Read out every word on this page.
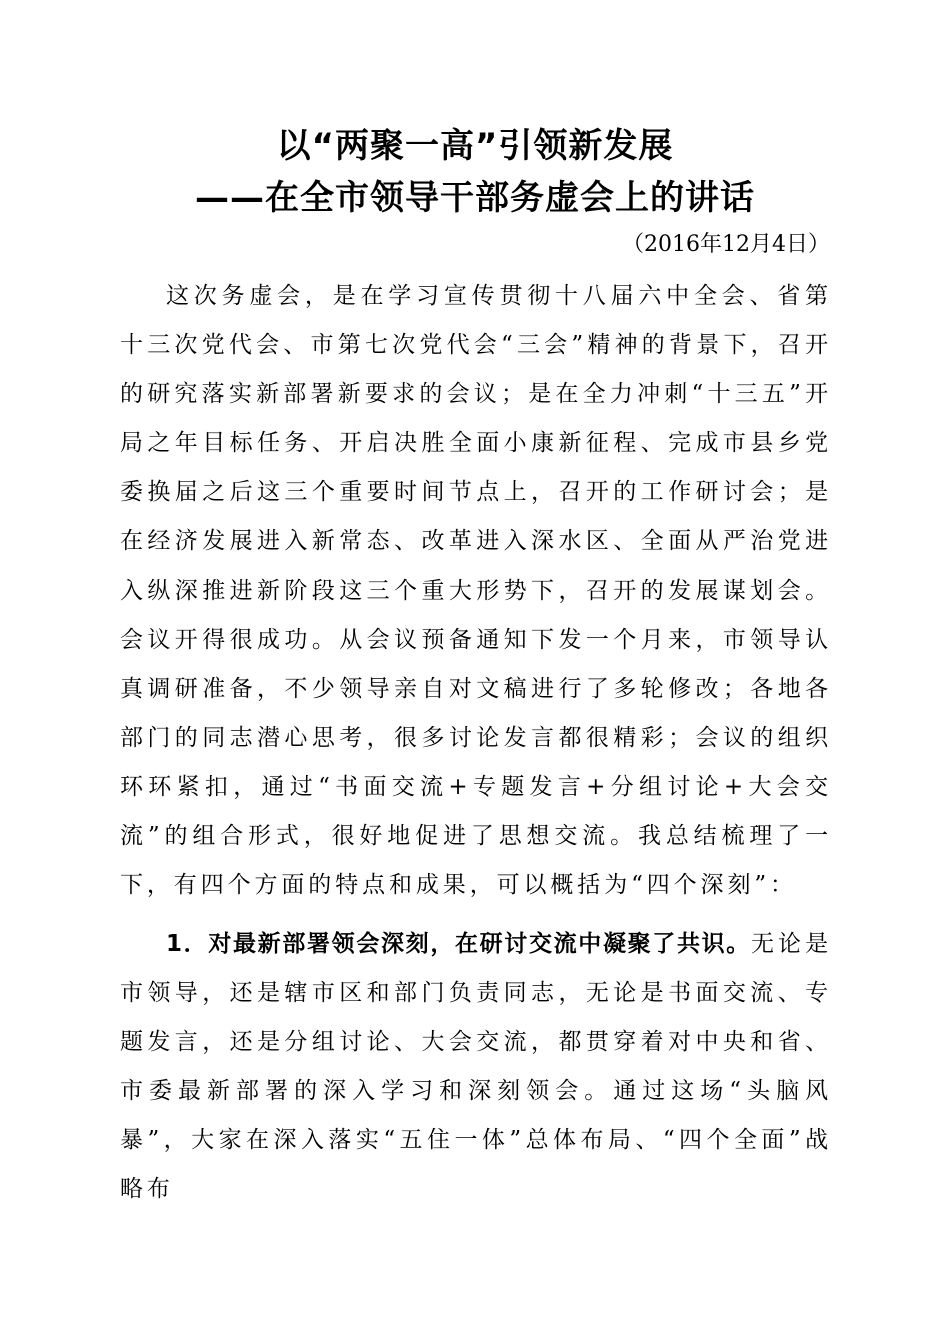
以“两聚一高”引领新发展
——在全市领导干部务虚会上的讲话
（2016年12月4日）

这次务虚会，是在学习宣传贯彻十八届六中全会、省第十三次党代会、市第七次党代会“三会”精神的背景下，召开的研究落实新部署新要求的会议；是在全力冲刺“十三五”开局之年目标任务、开启决胜全面小康新征程、完成市县乡党委换届之后这三个重要时间节点上，召开的工作研讨会；是在经济发展进入新常态、改革进入深水区、全面从严治党进入纵深推进新阶段这三个重大形势下，召开的发展谋划会。会议开得很成功。从会议预备通知下发一个月来，市领导认真调研准备，不少领导亲自对文稿进行了多轮修改；各地各部门的同志潜心思考，很多讨论发言都很精彩；会议的组织环环紧扣，通过“书面交流+专题发言+分组讨论+大会交流”的组合形式，很好地促进了思想交流。我总结梳理了一下，有四个方面的特点和成果，可以概括为“四个深刻”：

1．对最新部署领会深刻，在研讨交流中凝聚了共识。无论是市领导，还是辖市区和部门负责同志，无论是书面交流、专题发言，还是分组讨论、大会交流，都贯穿着对中央和省、市委最新部署的深入学习和深刻领会。通过这场“头脑风暴”，大家在深入落实“五住一体”总体布局、“四个全面”战略布
